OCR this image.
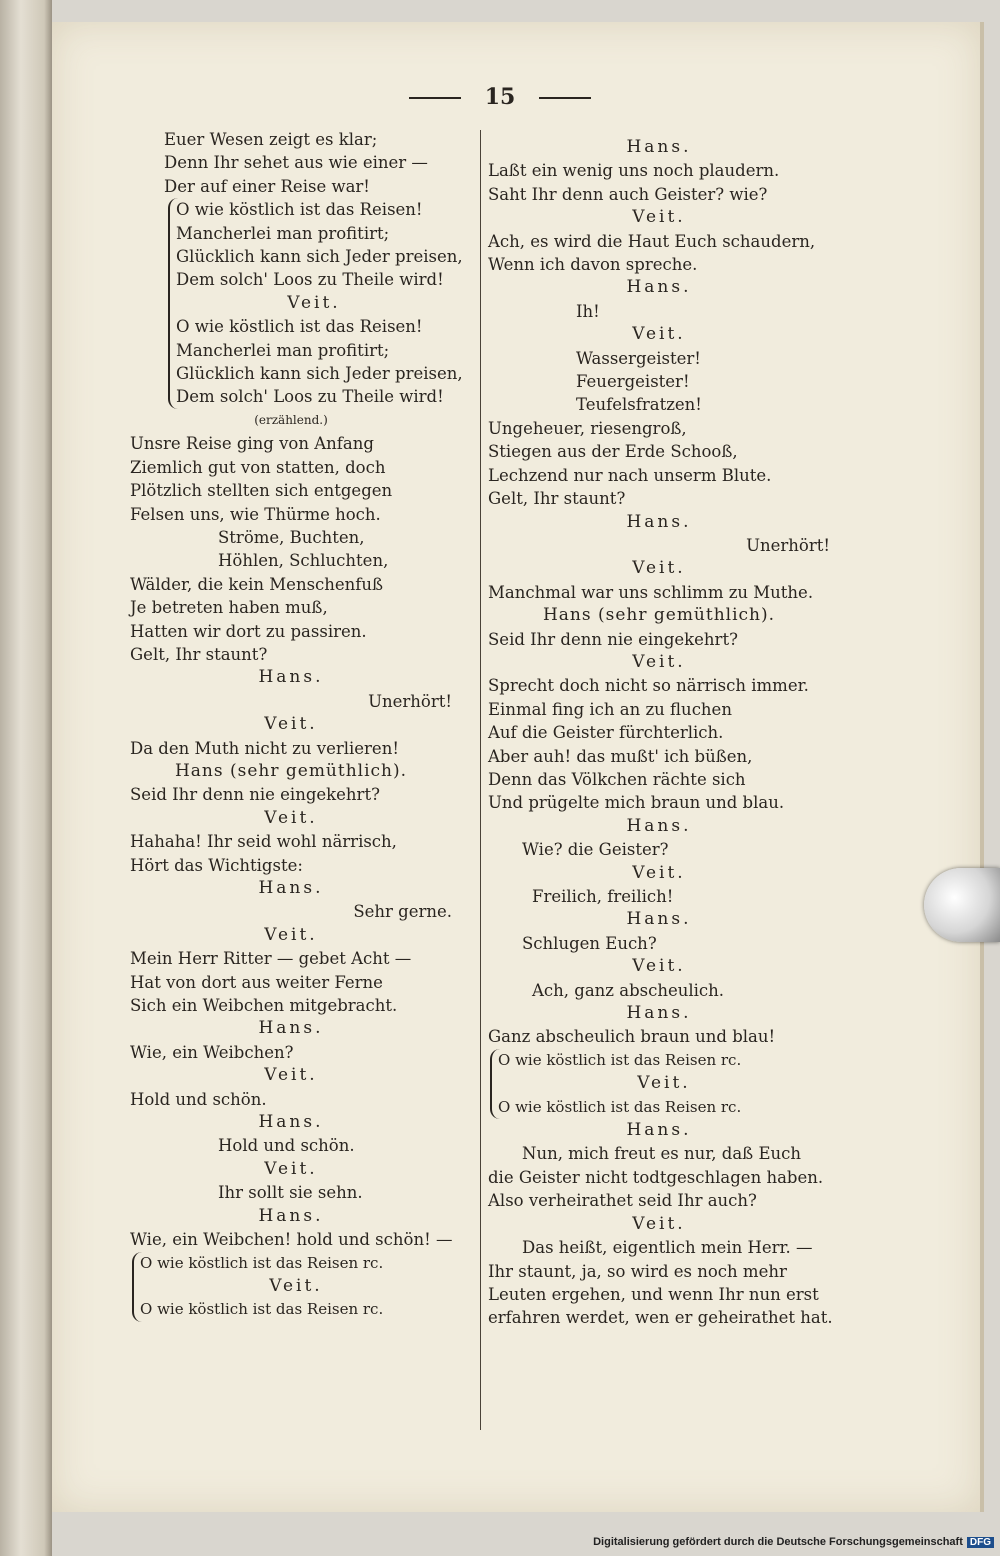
15
Euer Wesen zeigt es klar;
Denn Ihr sehet aus wie einer —
Der auf einer Reise war!
O wie köstlich ist das Reisen!
Mancherlei man profitirt;
Glücklich kann sich Jeder preisen,
Dem solch' Loos zu Theile wird!
Veit.
O wie köstlich ist das Reisen!
Mancherlei man profitirt;
Glücklich kann sich Jeder preisen,
Dem solch' Loos zu Theile wird!
(erzählend.)
Unsre Reise ging von Anfang
Ziemlich gut von statten, doch
Plötzlich stellten sich entgegen
Felsen uns, wie Thürme hoch.
Ströme, Buchten,
Höhlen, Schluchten,
Wälder, die kein Menschenfuß
Je betreten haben muß,
Hatten wir dort zu passiren.
Gelt, Ihr staunt?
Hans.
Unerhört!
Veit.
Da den Muth nicht zu verlieren!
Hans (sehr gemüthlich).
Seid Ihr denn nie eingekehrt?
Veit.
Hahaha! Ihr seid wohl närrisch,
Hört das Wichtigste:
Hans.
Sehr gerne.
Veit.
Mein Herr Ritter — gebet Acht —
Hat von dort aus weiter Ferne
Sich ein Weibchen mitgebracht.
Hans.
Wie, ein Weibchen?
Veit.
Hold und schön.
Hans.
Hold und schön.
Veit.
Ihr sollt sie sehn.
Hans.
Wie, ein Weibchen! hold und schön! —
O wie köstlich ist das Reisen rc.
Veit.
O wie köstlich ist das Reisen rc.
Hans.
Laßt ein wenig uns noch plaudern.
Saht Ihr denn auch Geister? wie?
Veit.
Ach, es wird die Haut Euch schaudern,
Wenn ich davon spreche.
Hans.
Ih!
Veit.
Wassergeister!
Feuergeister!
Teufelsfratzen!
Ungeheuer, riesengroß,
Stiegen aus der Erde Schooß,
Lechzend nur nach unserm Blute.
Gelt, Ihr staunt?
Hans.
Unerhört!
Veit.
Manchmal war uns schlimm zu Muthe.
Hans (sehr gemüthlich).
Seid Ihr denn nie eingekehrt?
Veit.
Sprecht doch nicht so närrisch immer.
Einmal fing ich an zu fluchen
Auf die Geister fürchterlich.
Aber auh! das mußt' ich büßen,
Denn das Völkchen rächte sich
Und prügelte mich braun und blau.
Hans.
Wie? die Geister?
Veit.
Freilich, freilich!
Hans.
Schlugen Euch?
Veit.
Ach, ganz abscheulich.
Hans.
Ganz abscheulich braun und blau!
O wie köstlich ist das Reisen rc.
Veit.
O wie köstlich ist das Reisen rc.
Hans.
Nun, mich freut es nur, daß Euch
die Geister nicht todtgeschlagen haben.
Also verheirathet seid Ihr auch?
Veit.
Das heißt, eigentlich mein Herr. —
Ihr staunt, ja, so wird es noch mehr
Leuten ergehen, und wenn Ihr nun erst
erfahren werdet, wen er geheirathet hat.
Digitalisierung gefördert durch die Deutsche Forschungsgemeinschaft DFG
